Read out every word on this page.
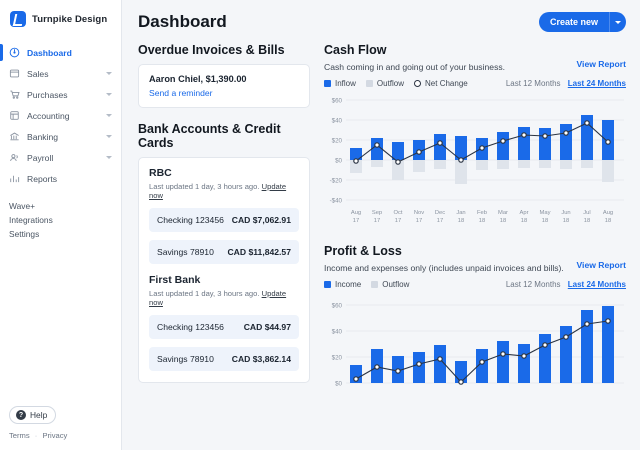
Turnpike Design
Dashboard
Sales
Purchases
Accounting
Banking
Payroll
Reports
Wave+
Integrations
Settings
? Help
Terms · Privacy
Dashboard	Create new
Overdue Invoices & Bills
Aaron Chiel, $1,390.00
Send a reminder
Bank Accounts & Credit Cards
RBC
Last updated 1 day, 3 hours ago. Update now
Checking 123456 CAD $7,062.91
Savings 78910 CAD $11,842.57
First Bank
Last updated 1 day, 3 hours ago. Update now
Checking 123456 CAD $44.97
Savings 78910 CAD $3,862.14
Cash Flow
Cash coming in and going out of your business.	View Report
Inflow	Outflow	Net Change	Last 12 Months Last 24 Months
$60
$40
$20
$0
-$20
-$40
Aug
17
Sep
17
Oct
17
Nov
17
Dec
17
Jan
18
Feb
18
Mar
18
Apr
18
May
18
Jun
18
Jul
18
Aug
18
Profit & Loss
Income and expenses only (includes unpaid invoices and bills). View Report
Income	Outflow	Last 12 Months Last 24 Months
$60
$40
$20
$0
